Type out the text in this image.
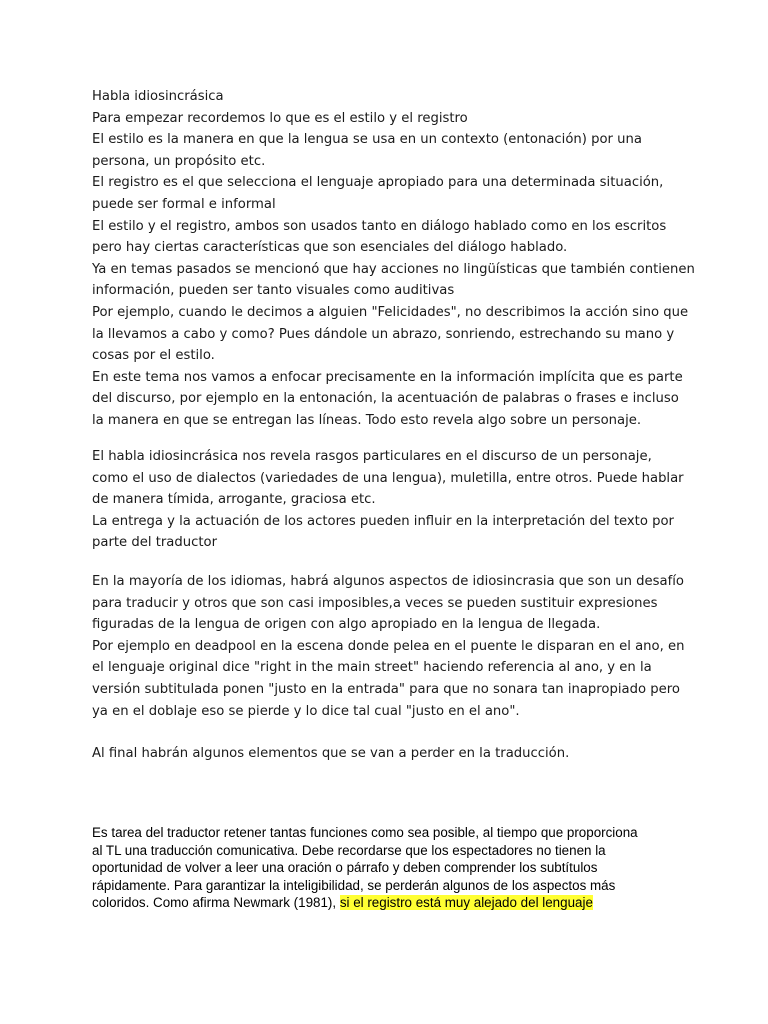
Habla idiosincrásica
Para empezar recordemos lo que es el estilo y el registro
El estilo es la manera en que la lengua se usa en un contexto (entonación) por una
persona, un propósito etc.
El registro es el que selecciona el lenguaje apropiado para una determinada situación,
puede ser formal e informal
El estilo y el registro, ambos son usados tanto en diálogo hablado como en los escritos
pero hay ciertas características que son esenciales del diálogo hablado.
Ya en temas pasados se mencionó que hay acciones no lingüísticas que también contienen
información, pueden ser tanto visuales como auditivas
Por ejemplo, cuando le decimos a alguien "Felicidades", no describimos la acción sino que
la llevamos a cabo y como? Pues dándole un abrazo, sonriendo, estrechando su mano y
cosas por el estilo.
En este tema nos vamos a enfocar precisamente en la información implícita que es parte
del discurso, por ejemplo en la entonación, la acentuación de palabras o frases e incluso
la manera en que se entregan las líneas. Todo esto revela algo sobre un personaje.
El habla idiosincrásica nos revela rasgos particulares en el discurso de un personaje,
como el uso de dialectos (variedades de una lengua), muletilla, entre otros. Puede hablar
de manera tímida, arrogante, graciosa etc.
La entrega y la actuación de los actores pueden influir en la interpretación del texto por
parte del traductor
En la mayoría de los idiomas, habrá algunos aspectos de idiosincrasia que son un desafío
para traducir y otros que son casi imposibles,a veces se pueden sustituir expresiones
figuradas de la lengua de origen con algo apropiado en la lengua de llegada.
Por ejemplo en deadpool en la escena donde pelea en el puente le disparan en el ano, en
el lenguaje original dice "right in the main street" haciendo referencia al ano, y en la
versión subtitulada ponen "justo en la entrada" para que no sonara tan inapropiado pero
ya en el doblaje eso se pierde y lo dice tal cual "justo en el ano".
Al final habrán algunos elementos que se van a perder en la traducción.
Es tarea del traductor retener tantas funciones como sea posible, al tiempo que proporciona
al TL una traducción comunicativa. Debe recordarse que los espectadores no tienen la
oportunidad de volver a leer una oración o párrafo y deben comprender los subtítulos
rápidamente. Para garantizar la inteligibilidad, se perderán algunos de los aspectos más
coloridos. Como afirma Newmark (1981), si el registro está muy alejado del lenguaje
